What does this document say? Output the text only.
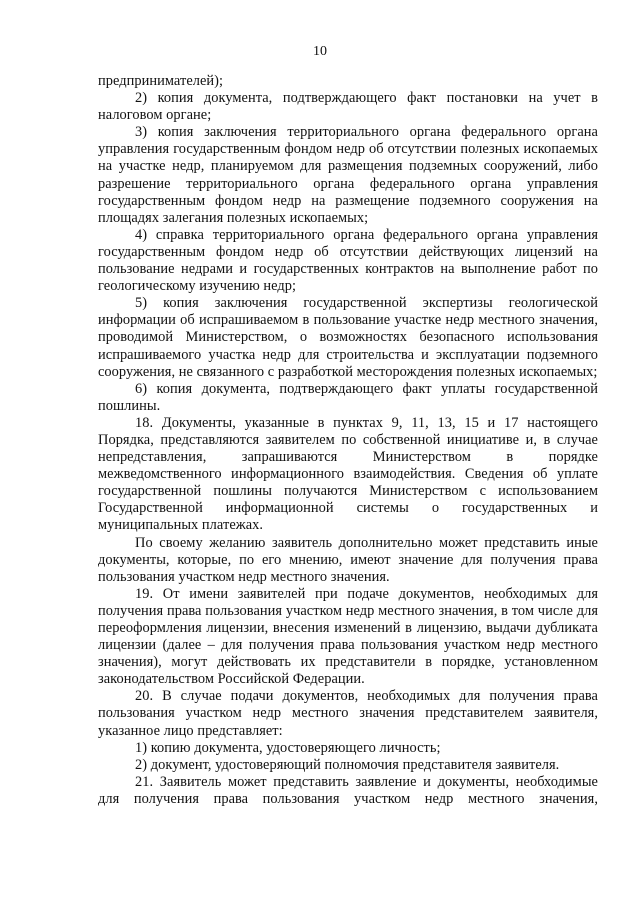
10

предпринимателей);

2) копия документа, подтверждающего факт постановки на учет в налоговом органе;

3) копия заключения территориального органа федерального органа управления государственным фондом недр об отсутствии полезных ископаемых на участке недр, планируемом для размещения подземных сооружений, либо разрешение территориального органа федерального органа управления государственным фондом недр на размещение подземного сооружения на площадях залегания полезных ископаемых;

4) справка территориального органа федерального органа управления государственным фондом недр об отсутствии действующих лицензий на пользование недрами и государственных контрактов на выполнение работ по геологическому изучению недр;

5) копия заключения государственной экспертизы геологической информации об испрашиваемом в пользование участке недр местного значения, проводимой Министерством, о возможностях безопасного использования испрашиваемого участка недр для строительства и эксплуатации подземного сооружения, не связанного с разработкой месторождения полезных ископаемых;

6) копия документа, подтверждающего факт уплаты государственной пошлины.

18. Документы, указанные в пунктах 9, 11, 13, 15 и 17 настоящего Порядка, представляются заявителем по собственной инициативе и, в случае непредставления, запрашиваются Министерством в порядке межведомственного информационного взаимодействия. Сведения об уплате государственной пошлины получаются Министерством с использованием Государственной информационной системы о государственных и муниципальных платежах.

По своему желанию заявитель дополнительно может представить иные документы, которые, по его мнению, имеют значение для получения права пользования участком недр местного значения.

19. От имени заявителей при подаче документов, необходимых для получения права пользования участком недр местного значения, в том числе для переоформления лицензии, внесения изменений в лицензию, выдачи дубликата лицензии (далее – для получения права пользования участком недр местного значения), могут действовать их представители в порядке, установленном законодательством Российской Федерации.

20. В случае подачи документов, необходимых для получения права пользования участком недр местного значения представителем заявителя, указанное лицо представляет:

1) копию документа, удостоверяющего личность;

2) документ, удостоверяющий полномочия представителя заявителя.

21. Заявитель может представить заявление и документы, необходимые для получения права пользования участком недр местного значения,
